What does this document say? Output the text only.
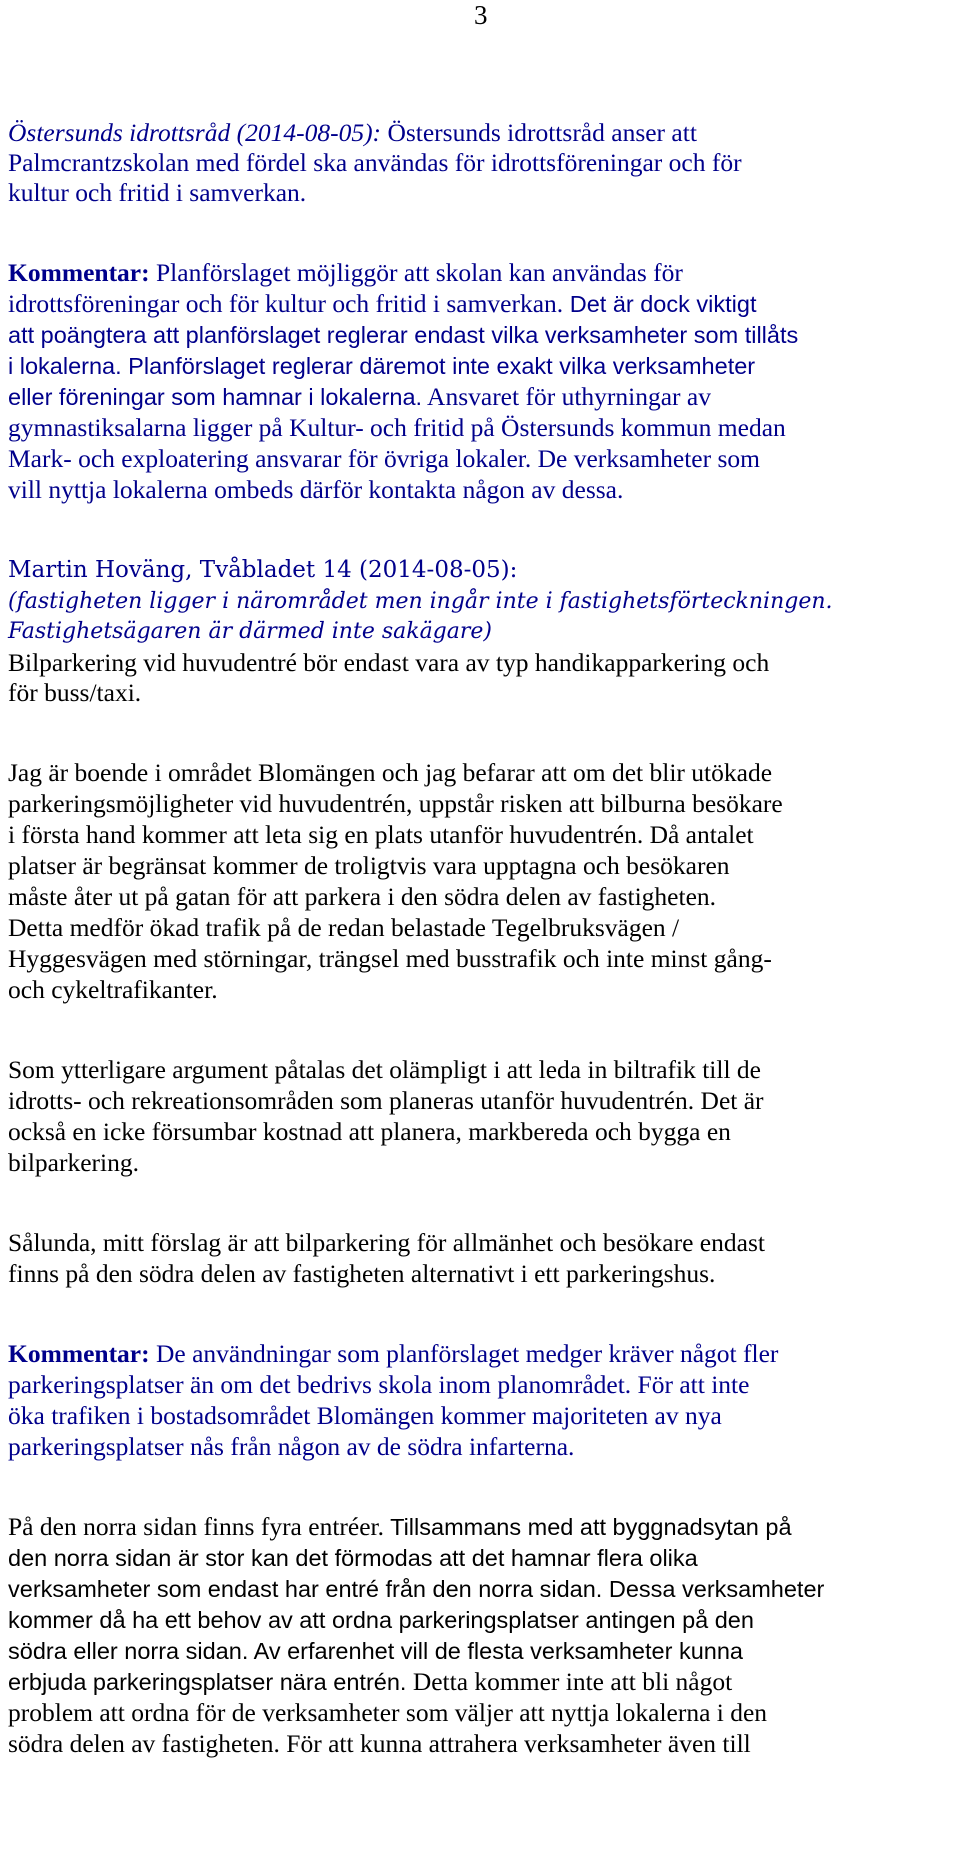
3
Östersunds idrottsråd (2014-08-05): Östersunds idrottsråd anser att
Palmcrantzskolan med fördel ska användas för idrottsföreningar och för
kultur och fritid i samverkan.
Kommentar: Planförslaget möjliggör att skolan kan användas för
idrottsföreningar och för kultur och fritid i samverkan. Det är dock viktigt
att poängtera att planförslaget reglerar endast vilka verksamheter som tillåts
i lokalerna. Planförslaget reglerar däremot inte exakt vilka verksamheter
eller föreningar som hamnar i lokalerna. Ansvaret för uthyrningar av
gymnastiksalarna ligger på Kultur- och fritid på Östersunds kommun medan
Mark- och exploatering ansvarar för övriga lokaler. De verksamheter som
vill nyttja lokalerna ombeds därför kontakta någon av dessa.
Martin Hoväng, Tvåbladet 14 (2014-08-05):
(fastigheten ligger i närområdet men ingår inte i fastighetsförteckningen.
Fastighetsägaren är därmed inte sakägare)
Bilparkering vid huvudentré bör endast vara av typ handikapparkering och
för buss/taxi.
Jag är boende i området Blomängen och jag befarar att om det blir utökade
parkeringsmöjligheter vid huvudentrén, uppstår risken att bilburna besökare
i första hand kommer att leta sig en plats utanför huvudentrén. Då antalet
platser är begränsat kommer de troligtvis vara upptagna och besökaren
måste åter ut på gatan för att parkera i den södra delen av fastigheten.
Detta medför ökad trafik på de redan belastade Tegelbruksvägen /
Hyggesvägen med störningar, trängsel med busstrafik och inte minst gång-
och cykeltrafikanter.
Som ytterligare argument påtalas det olämpligt i att leda in biltrafik till de
idrotts- och rekreationsområden som planeras utanför huvudentrén. Det är
också en icke försumbar kostnad att planera, markbereda och bygga en
bilparkering.
Sålunda, mitt förslag är att bilparkering för allmänhet och besökare endast
finns på den södra delen av fastigheten alternativt i ett parkeringshus.
Kommentar: De användningar som planförslaget medger kräver något fler
parkeringsplatser än om det bedrivs skola inom planområdet. För att inte
öka trafiken i bostadsområdet Blomängen kommer majoriteten av nya
parkeringsplatser nås från någon av de södra infarterna.
På den norra sidan finns fyra entréer. Tillsammans med att byggnadsytan på
den norra sidan är stor kan det förmodas att det hamnar flera olika
verksamheter som endast har entré från den norra sidan. Dessa verksamheter
kommer då ha ett behov av att ordna parkeringsplatser antingen på den
södra eller norra sidan. Av erfarenhet vill de flesta verksamheter kunna
erbjuda parkeringsplatser nära entrén. Detta kommer inte att bli något
problem att ordna för de verksamheter som väljer att nyttja lokalerna i den
södra delen av fastigheten. För att kunna attrahera verksamheter även till
